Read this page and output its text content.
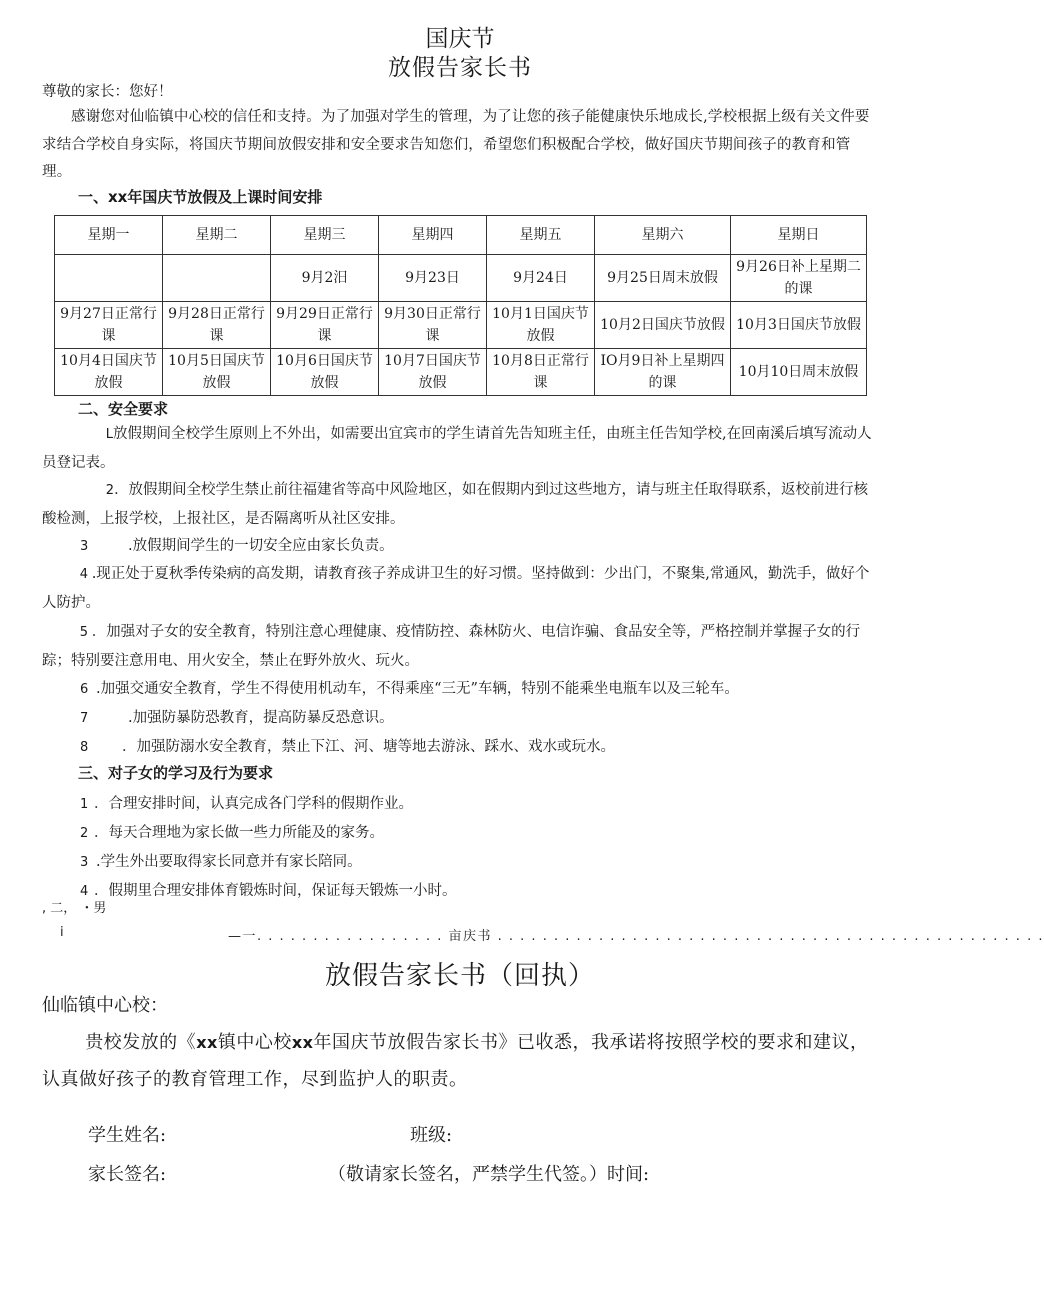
国庆节
放假告家长书
尊敬的家长：您好！
感谢您对仙临镇中心校的信任和支持。为了加强对学生的管理，为了让您的孩子能健康快乐地成长,学校根据上级有关文件要求结合学校自身实际，将国庆节期间放假安排和安全要求告知您们，希望您们积极配合学校，做好国庆节期间孩子的教育和管理。
一、xx年国庆节放假及上课时间安排
星期一	星期二	星期三	星期四	星期五	星期六	星期日
		9月2汨	9月23日	9月24日	9月25日周末放假	9月26日补上星期二的课
9月27日正常行课	9月28日正常行课	9月29日正常行课	9月30日正常行课	10月1日国庆节放假	10月2日国庆节放假	10月3日国庆节放假
10月4日国庆节放假	10月5日国庆节放假	10月6日国庆节放假	10月7日国庆节放假	10月8日正常行课	IO月9日补上星期四的课	10月10日周末放假
二、安全要求
L放假期间全校学生原则上不外出，如需要出宜宾市的学生请首先告知班主任，由班主任告知学校,在回南溪后填写流动人员登记表。
2．放假期间全校学生禁止前往福建省等高中风险地区，如在假期内到过这些地方，请与班主任取得联系，返校前进行核酸检测，上报学校，上报社区，是否隔离听从社区安排。
3	.放假期间学生的一切安全应由家长负责。
4 .现正处于夏秋季传染病的高发期，请教育孩子养成讲卫生的好习惯。坚持做到：少出门，不聚集,常通风，勤洗手，做好个人防护。
5 ．加强对子女的安全教育，特别注意心理健康、疫情防控、森林防火、电信诈骗、食品安全等，严格控制并掌握子女的行踪；特别要注意用电、用火安全，禁止在野外放火、玩火。
6 .加强交通安全教育，学生不得使用机动车，不得乘座“三无”车辆，特别不能乘坐电瓶车以及三轮车。
7	.加强防暴防恐教育，提高防暴反恐意识。
8 ．加强防溺水安全教育，禁止下江、河、塘等地去游泳、踩水、戏水或玩水。
三、对子女的学习及行为要求
1 ．合理安排时间，认真完成各门学科的假期作业。
2 ．每天合理地为家长做一些力所能及的家务。
3 .学生外出要取得家长同意并有家长陪同。
4 ．假期里合理安排体育锻炼时间，保证每天锻炼一小时。
, 二， ・男
i	—一. . . . . . . . . . . . . . . . . 亩庆书 . . . . . . . . . . . . . . . . . . . . . . . . . . . . . . . . . . . . . . . . . . . . . . . . .
放假告家长书（回执）
仙临镇中心校：
贵校发放的《xx镇中心校xx年国庆节放假告家长书》已收悉，我承诺将按照学校的要求和建议，认真做好孩子的教育管理工作，尽到监护人的职责。
学生姓名:	班级:
家长签名:	（敬请家长签名，严禁学生代签。）时间:
